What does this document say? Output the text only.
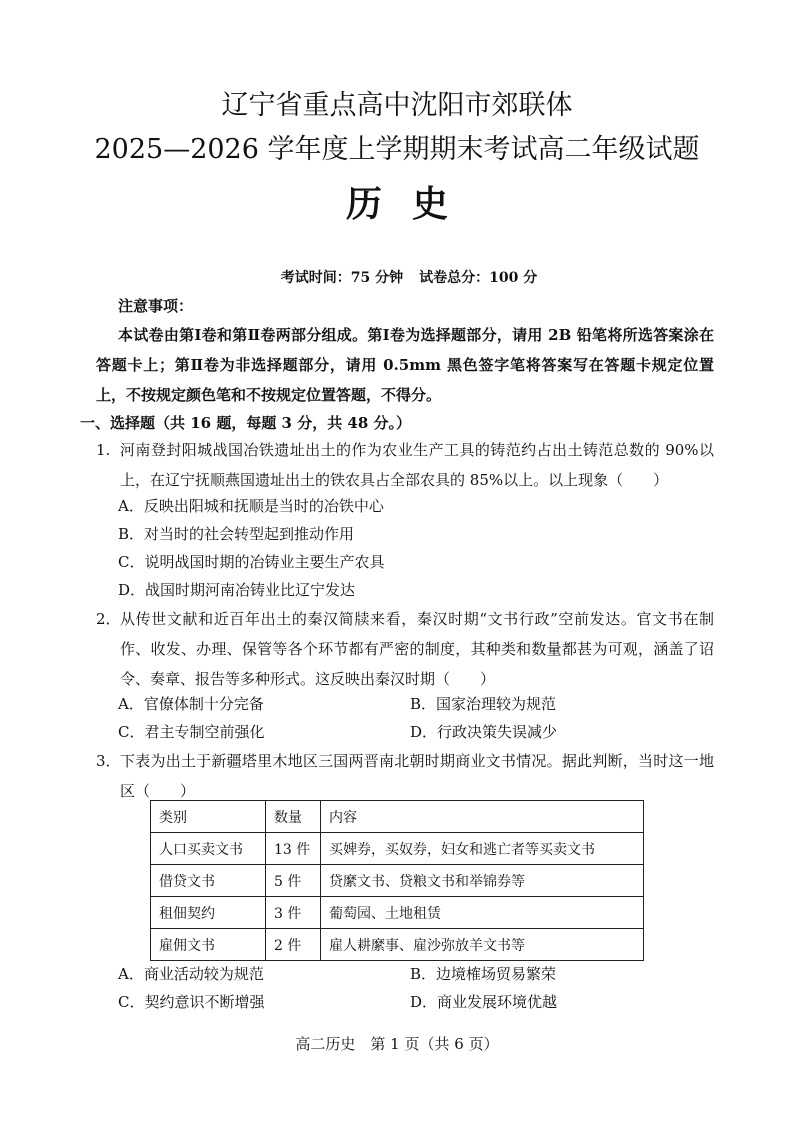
辽宁省重点高中沈阳市郊联体
2025—2026 学年度上学期期末考试高二年级试题
历史
考试时间：75 分钟 试卷总分：100 分
注意事项：
本试卷由第Ⅰ卷和第Ⅱ卷两部分组成。第Ⅰ卷为选择题部分，请用 2B 铅笔将所选答案涂在答题卡上；第Ⅱ卷为非选择题部分，请用 0.5mm 黑色签字笔将答案写在答题卡规定位置上，不按规定颜色笔和不按规定位置答题，不得分。
一、选择题（共 16 题，每题 3 分，共 48 分。）
1. 河南登封阳城战国冶铁遗址出土的作为农业生产工具的铸范约占出土铸范总数的 90%以上，在辽宁抚顺燕国遗址出土的铁农具占全部农具的 85%以上。以上现象（　　）
A．反映出阳城和抚顺是当时的冶铁中心
B．对当时的社会转型起到推动作用
C．说明战国时期的冶铸业主要生产农具
D．战国时期河南冶铸业比辽宁发达
2． 从传世文献和近百年出土的秦汉简牍来看，秦汉时期“文书行政”空前发达。官文书在制作、收发、办理、保管等各个环节都有严密的制度，其种类和数量都甚为可观，涵盖了诏令、奏章、报告等多种形式。这反映出秦汉时期（　　）
A．官僚体制十分完备	B．国家治理较为规范
C．君主专制空前强化	D．行政决策失误减少
3． 下表为出土于新疆塔里木地区三国两晋南北朝时期商业文书情况。据此判断，当时这一地区（　　）
类别	数量	内容
人口买卖文书	13 件	买婢券，买奴券，妇女和逃亡者等买卖文书
借贷文书	5 件	贷縻文书、贷粮文书和举锦券等
租佃契约	3 件	葡萄园、土地租赁
雇佣文书	2 件	雇人耕縻事、雇沙弥放羊文书等
A．商业活动较为规范	B．边境榷场贸易繁荣
C．契约意识不断增强	D．商业发展环境优越
高二历史　第 1 页（共 6 页）
